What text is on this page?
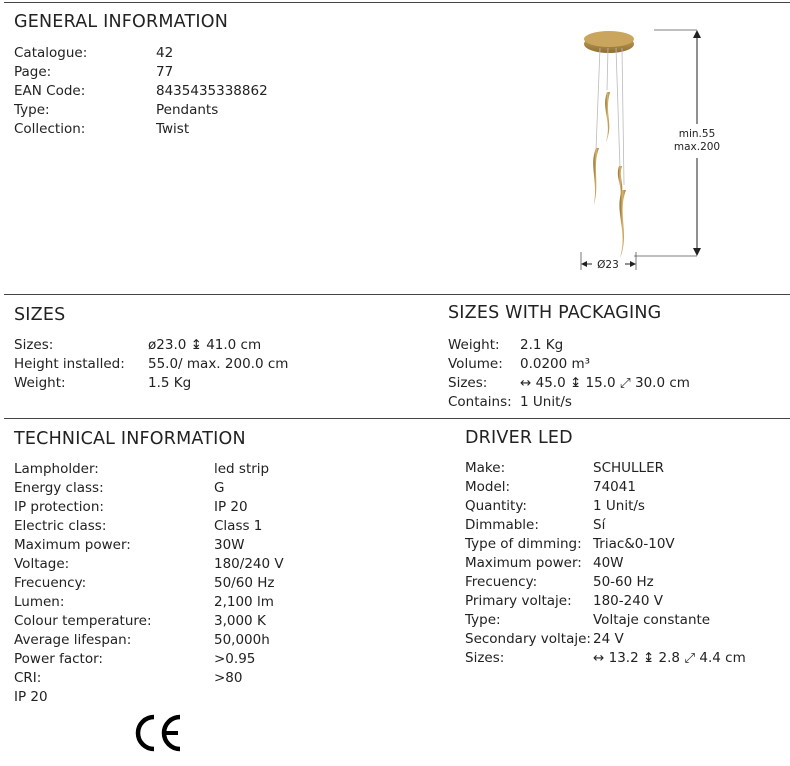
GENERAL INFORMATION
Catalogue:	42
Page:	77
EAN Code:	8435435338862
Type:	Pendants
Collection:	Twist	min.55
max.200
Ø23
SIZES
Sizes:	ø23.0 ↨ 41.0 cm
Height installed: 55.0/ max. 200.0 cm
Weight:	1.5 Kg
SIZES WITH PACKAGING
Weight: 2.1 Kg
Volume: 0.0200 m³
Sizes: ↔ 45.0 ↨ 15.0 ⤢ 30.0 cm
Contains: 1 Unit/s
TECHNICAL INFORMATION
Lampholder:	led strip
Energy class:	G
IP protection:	IP 20
Electric class:	Class 1
Maximum power:	30W
Voltage:	180/240 V
Frecuency:	50/60 Hz
Lumen:	2,100 lm
Colour temperature:	3,000 K
Average lifespan:	50,000h
Power factor:	>0.95
CRI:	>80
IP 20
DRIVER LED
Make:	SCHULLER
Model:	74041
Quantity:	1 Unit/s
Dimmable:	Sí
Type of dimming: Triac&0-10V
Maximum power: 40W
Frecuency:	50-60 Hz
Primary voltaje: 180-240 V
Type:	Voltaje constante
Secondary voltaje: 24 V
Sizes:	↔ 13.2 ↨ 2.8 ⤢ 4.4 cm
